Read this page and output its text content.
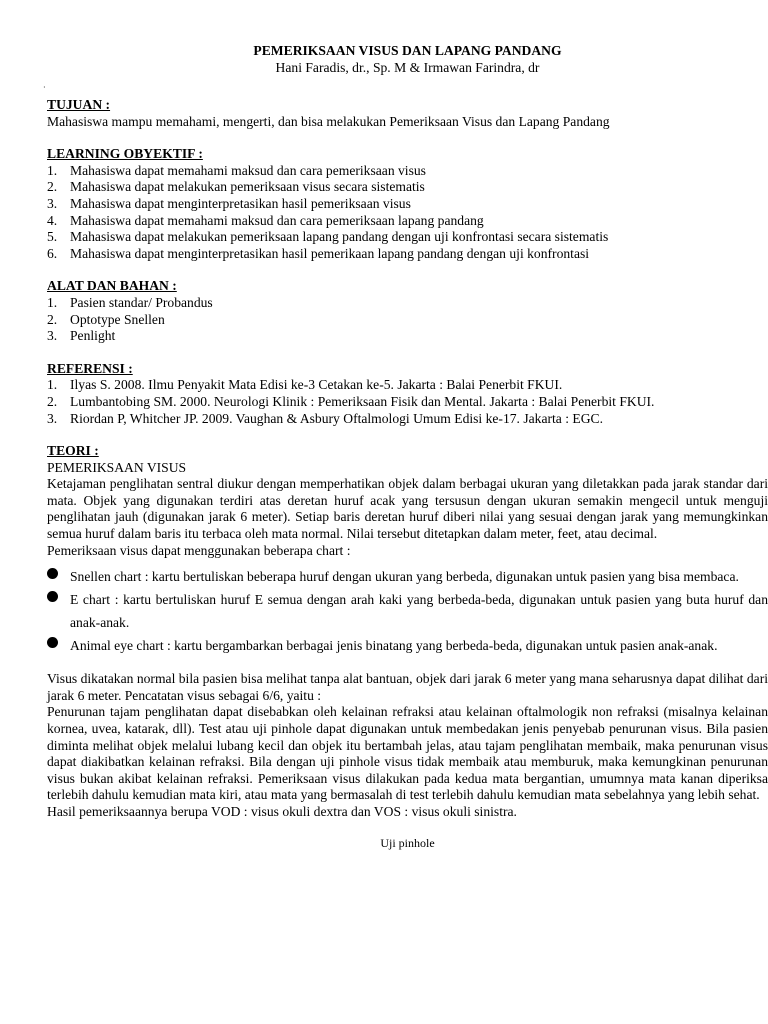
·
PEMERIKSAAN VISUS DAN LAPANG PANDANG
Hani Faradis, dr., Sp. M & Irmawan Farindra, dr
TUJUAN :

Mahasiswa mampu memahami, mengerti, dan bisa melakukan Pemeriksaan Visus dan Lapang Pandang

LEARNING OBYEKTIF :
1. Mahasiswa dapat memahami maksud dan cara pemeriksaan visus
2. Mahasiswa dapat melakukan pemeriksaan visus secara sistematis
3. Mahasiswa dapat menginterpretasikan hasil pemeriksaan visus
4. Mahasiswa dapat memahami maksud dan cara pemeriksaan lapang pandang
5. Mahasiswa dapat melakukan pemeriksaan lapang pandang dengan uji konfrontasi secara sistematis
6. Mahasiswa dapat menginterpretasikan hasil pemerikaan lapang pandang dengan uji konfrontasi
ALAT DAN BAHAN :
1. Pasien standar/ Probandus
2. Optotype Snellen
3. Penlight
REFERENSI :
1. Ilyas S. 2008. Ilmu Penyakit Mata Edisi ke-3 Cetakan ke-5. Jakarta : Balai Penerbit FKUI.
2. Lumbantobing SM. 2000. Neurologi Klinik : Pemeriksaan Fisik dan Mental. Jakarta : Balai Penerbit FKUI.
3. Riordan P, Whitcher JP. 2009. Vaughan & Asbury Oftalmologi Umum Edisi ke-17. Jakarta : EGC.
TEORI :
PEMERIKSAAN VISUS

Ketajaman penglihatan sentral diukur dengan memperhatikan objek dalam berbagai ukuran yang diletakkan pada jarak standar dari mata. Objek yang digunakan terdiri atas deretan huruf acak yang tersusun dengan ukuran semakin mengecil untuk menguji penglihatan jauh (digunakan jarak 6 meter). Setiap baris deretan huruf diberi nilai yang sesuai dengan jarak yang memungkinkan semua huruf dalam baris itu terbaca oleh mata normal. Nilai tersebut ditetapkan dalam meter, feet, atau decimal.

Pemeriksaan visus dapat menggunakan beberapa chart :

Snellen chart : kartu bertuliskan beberapa huruf dengan ukuran yang berbeda, digunakan untuk pasien yang bisa membaca.
E chart : kartu bertuliskan huruf E semua dengan arah kaki yang berbeda-beda, digunakan untuk pasien yang buta huruf dan anak-anak.
Animal eye chart : kartu bergambarkan berbagai jenis binatang yang berbeda-beda, digunakan untuk pasien anak-anak.

Visus dikatakan normal bila pasien bisa melihat tanpa alat bantuan, objek dari jarak 6 meter yang mana seharusnya dapat dilihat dari jarak 6 meter. Pencatatan visus sebagai 6/6, yaitu :

Penurunan tajam penglihatan dapat disebabkan oleh kelainan refraksi atau kelainan oftalmologik non refraksi (misalnya kelainan kornea, uvea, katarak, dll). Test atau uji pinhole dapat digunakan untuk membedakan jenis penyebab penurunan visus. Bila pasien diminta melihat objek melalui lubang kecil dan objek itu bertambah jelas, atau tajam penglihatan membaik, maka penurunan visus dapat diakibatkan kelainan refraksi. Bila dengan uji pinhole visus tidak membaik atau memburuk, maka kemungkinan penurunan visus bukan akibat kelainan refraksi. Pemeriksaan visus dilakukan pada kedua mata bergantian, umumnya mata kanan diperiksa terlebih dahulu kemudian mata kiri, atau mata yang bermasalah di test terlebih dahulu kemudian mata sebelahnya yang lebih sehat.

Hasil pemeriksaannya berupa VOD : visus okuli dextra dan VOS : visus okuli sinistra.

Uji pinhole
